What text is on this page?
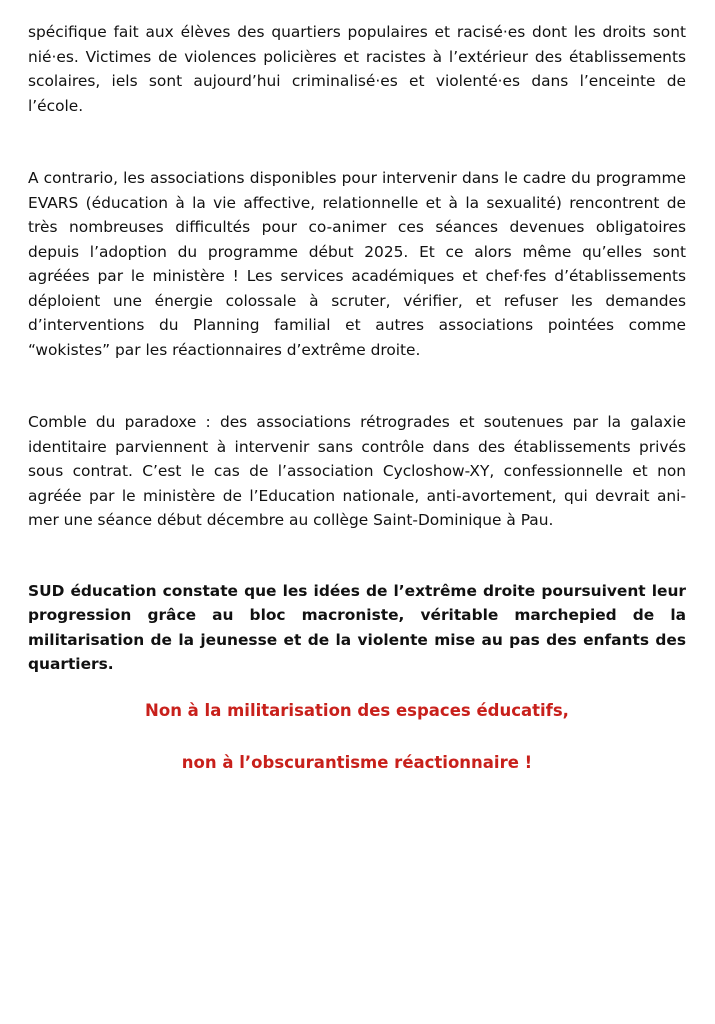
spécifique fait aux élèves des quartiers populaires et racisé·es dont les droits sont nié·es. Victimes de violences policières et racistes à l’extérieur des établissements scolaires, iels sont aujourd’hui criminalisé·es et violenté·es dans l’enceinte de l’école.

A contrario, les associations disponibles pour intervenir dans le cadre du programme EVARS (éducation à la vie affective, relationnelle et à la sexualité) rencontrent de très nombreuses difficultés pour co-animer ces séances devenues obligatoires depuis l’adoption du programme début 2025. Et ce alors même qu’elles sont agréées par le ministère ! Les services académiques et chef·fes d’établissements déploient une énergie colossale à scruter, vérifier, et refuser les demandes d’interventions du Planning familial et autres associations pointées comme “wokistes” par les réactionnaires d’extrême droite.

Comble du paradoxe : des associations rétrogrades et soutenues par la galaxie identitaire parviennent à intervenir sans contrôle dans des établissements privés sous contrat. C’est le cas de l’association Cycloshow-XY, confessionnelle et non agréée par le ministère de l’Education nationale, anti-avortement, qui devrait animer une séance début décembre au collège Saint-Dominique à Pau.

SUD éducation constate que les idées de l’extrême droite poursuivent leur progression grâce au bloc macroniste, véritable marchepied de la militarisation de la jeunesse et de la violente mise au pas des enfants des quartiers.

Non à la militarisation des espaces éducatifs,

non à l’obscurantisme réactionnaire !
